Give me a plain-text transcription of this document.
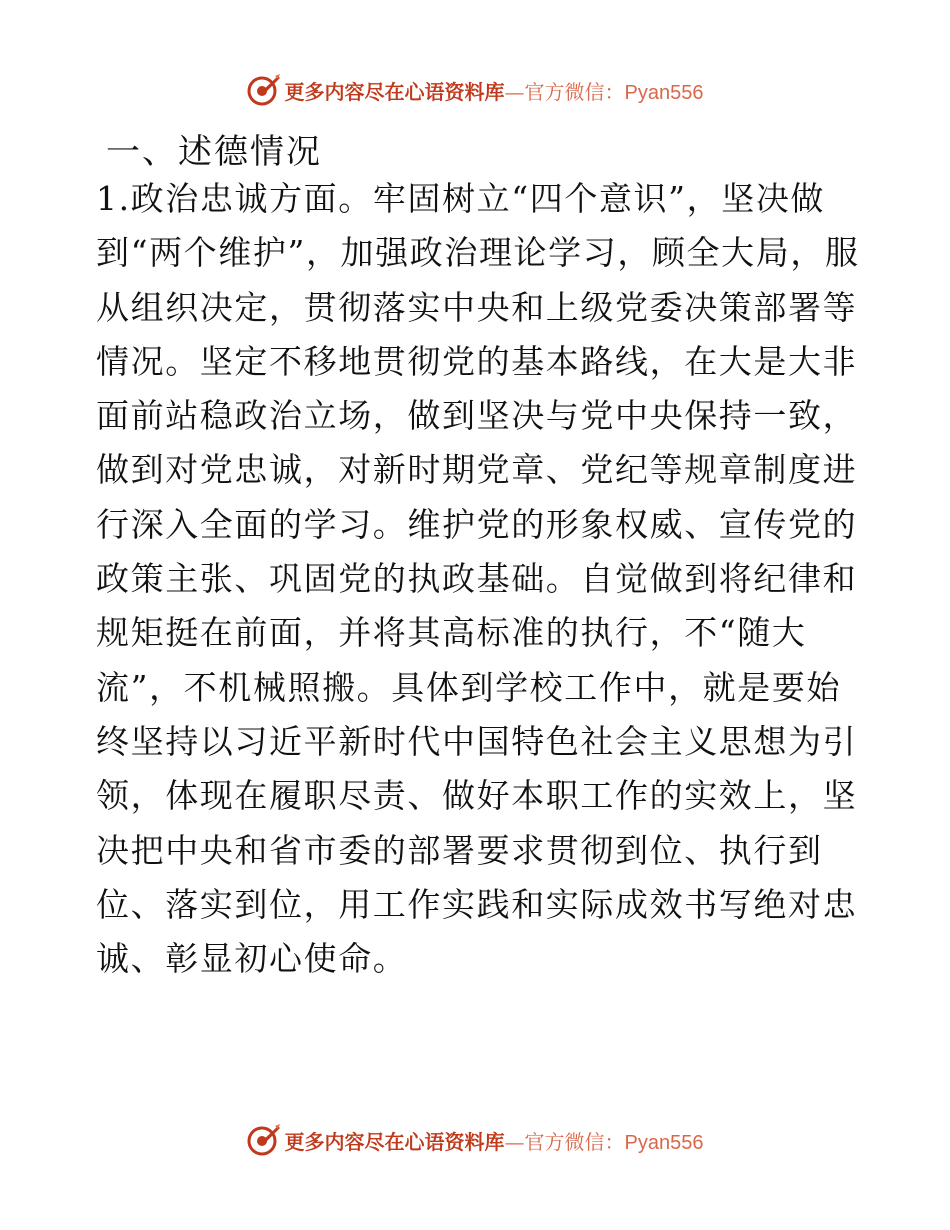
更多内容尽在心语资料库—官方微信：Pyan556
一、述德情况
1.政治忠诚方面。牢固树立“四个意识”，坚决做
到“两个维护”，加强政治理论学习，顾全大局，服
从组织决定，贯彻落实中央和上级党委决策部署等
情况。坚定不移地贯彻党的基本路线，在大是大非
面前站稳政治立场，做到坚决与党中央保持一致，
做到对党忠诚，对新时期党章、党纪等规章制度进
行深入全面的学习。维护党的形象权威、宣传党的
政策主张、巩固党的执政基础。自觉做到将纪律和
规矩挺在前面，并将其高标准的执行，不“随大
流”，不机械照搬。具体到学校工作中，就是要始
终坚持以习近平新时代中国特色社会主义思想为引
领，体现在履职尽责、做好本职工作的实效上，坚
决把中央和省市委的部署要求贯彻到位、执行到
位、落实到位，用工作实践和实际成效书写绝对忠
诚、彰显初心使命。
更多内容尽在心语资料库—官方微信：Pyan556
